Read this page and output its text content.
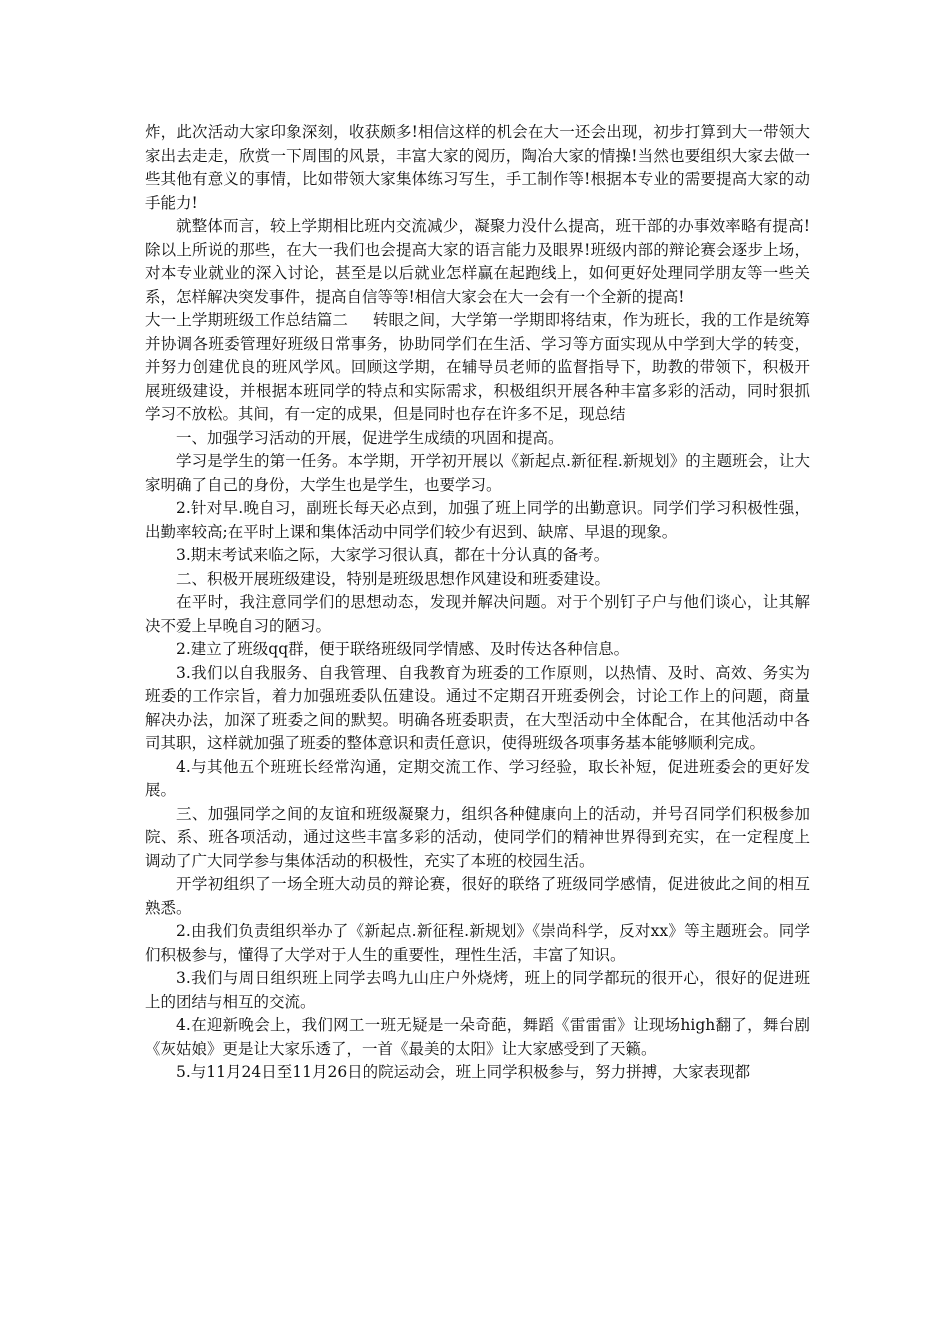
炸，此次活动大家印象深刻，收获颇多!相信这样的机会在大一还会出现，初步打算到大一带领大家出去走走，欣赏一下周围的风景，丰富大家的阅历，陶冶大家的情操!当然也要组织大家去做一些其他有意义的事情，比如带领大家集体练习写生，手工制作等!根据本专业的需要提高大家的动手能力!

就整体而言，较上学期相比班内交流减少，凝聚力没什么提高，班干部的办事效率略有提高!除以上所说的那些，在大一我们也会提高大家的语言能力及眼界!班级内部的辩论赛会逐步上场，对本专业就业的深入讨论，甚至是以后就业怎样赢在起跑线上，如何更好处理同学朋友等一些关系，怎样解决突发事件，提高自信等等!相信大家会在大一会有一个全新的提高!

大一上学期班级工作总结篇二 转眼之间，大学第一学期即将结束，作为班长，我的工作是统筹并协调各班委管理好班级日常事务，协助同学们在生活、学习等方面实现从中学到大学的转变，并努力创建优良的班风学风。回顾这学期，在辅导员老师的监督指导下，助教的带领下，积极开展班级建设，并根据本班同学的特点和实际需求，积极组织开展各种丰富多彩的活动，同时狠抓学习不放松。其间，有一定的成果，但是同时也存在许多不足，现总结

一、加强学习活动的开展，促进学生成绩的巩固和提高。

学习是学生的第一任务。本学期，开学初开展以《新起点.新征程.新规划》的主题班会，让大家明确了自己的身份，大学生也是学生，也要学习。

2.针对早.晚自习，副班长每天必点到，加强了班上同学的出勤意识。同学们学习积极性强，出勤率较高;在平时上课和集体活动中同学们较少有迟到、缺席、早退的现象。

3.期末考试来临之际，大家学习很认真，都在十分认真的备考。

二、积极开展班级建设，特别是班级思想作风建设和班委建设。

在平时，我注意同学们的思想动态，发现并解决问题。对于个别钉子户与他们谈心，让其解决不爱上早晚自习的陋习。

2.建立了班级qq群，便于联络班级同学情感、及时传达各种信息。

3.我们以自我服务、自我管理、自我教育为班委的工作原则，以热情、及时、高效、务实为班委的工作宗旨，着力加强班委队伍建设。通过不定期召开班委例会，讨论工作上的问题，商量解决办法，加深了班委之间的默契。明确各班委职责，在大型活动中全体配合，在其他活动中各司其职，这样就加强了班委的整体意识和责任意识，使得班级各项事务基本能够顺利完成。

4.与其他五个班班长经常沟通，定期交流工作、学习经验，取长补短，促进班委会的更好发展。

三、加强同学之间的友谊和班级凝聚力，组织各种健康向上的活动，并号召同学们积极参加院、系、班各项活动，通过这些丰富多彩的活动，使同学们的精神世界得到充实，在一定程度上调动了广大同学参与集体活动的积极性，充实了本班的校园生活。

开学初组织了一场全班大动员的辩论赛，很好的联络了班级同学感情，促进彼此之间的相互熟悉。

2.由我们负责组织举办了《新起点.新征程.新规划》《崇尚科学，反对xx》等主题班会。同学们积极参与，懂得了大学对于人生的重要性，理性生活，丰富了知识。

3.我们与周日组织班上同学去鸣九山庄户外烧烤，班上的同学都玩的很开心，很好的促进班上的团结与相互的交流。

4.在迎新晚会上，我们网工一班无疑是一朵奇葩，舞蹈《雷雷雷》让现场high翻了，舞台剧《灰姑娘》更是让大家乐透了，一首《最美的太阳》让大家感受到了天籁。

5.与11月24日至11月26日的院运动会，班上同学积极参与，努力拼搏，大家表现都
